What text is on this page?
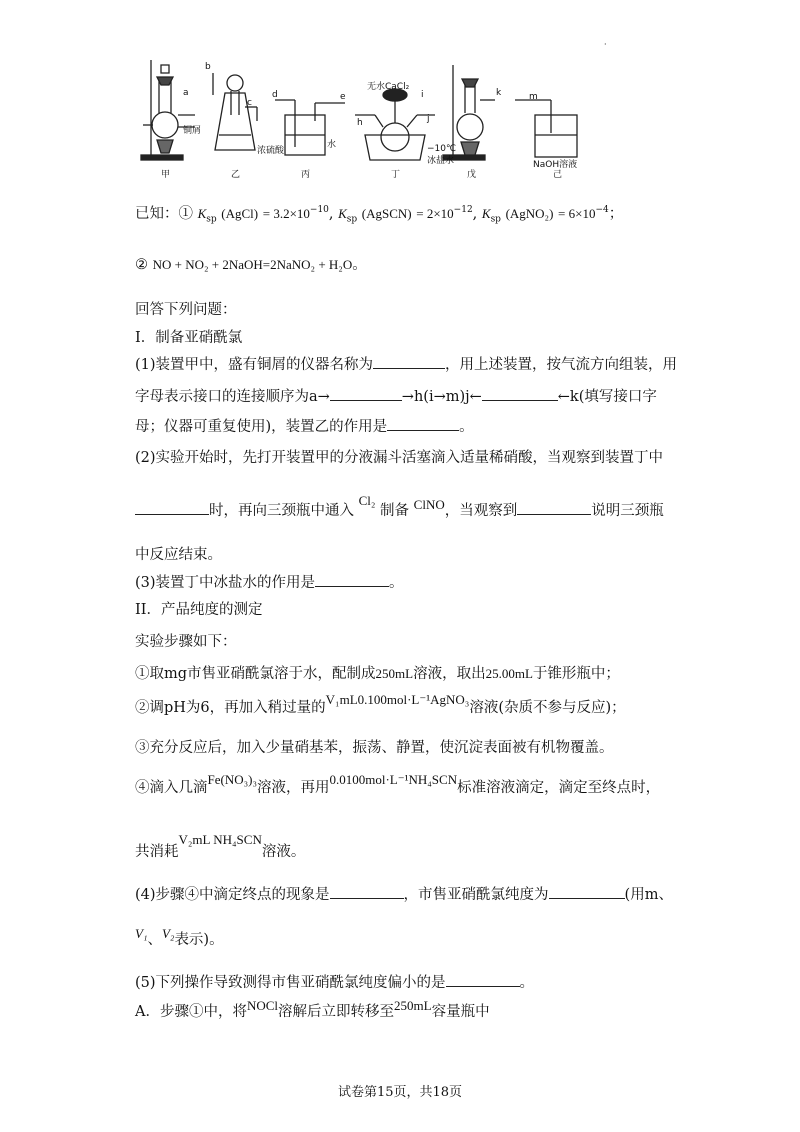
·
甲	乙	丙	丁	戊	己
a
b
c
d	e
h
i
j
k	m
铜屑
浓硫酸
水
无水CaCl₂
−10℃
冰盐水	NaOH溶液
已知：① $K_{sp}$ (AgCl) = $3.2\times 10^{-10}$, $K_{sp}$ (AgSCN) = $2\times 10^{-12}$, $K_{sp}$ (AgNO₂) = $6\times 10^{-4}$；
② NO + NO₂ + 2NaOH=2NaNO₂ + H₂O。
回答下列问题：
I．制备亚硝酰氯
(1)装置甲中，盛有铜屑的仪器名称为	，用上述装置，按气流方向组装，用
字母表示接口的连接顺序为a→	→h(i→m)j←	←k(填写接口字
母；仪器可重复使用)，装置乙的作用是	。
(2)实验开始时，先打开装置甲的分液漏斗活塞滴入适量稀硝酸，当观察到装置丁中
时，再向三颈瓶中通入 Cl₂ 制备 ClNO，当观察到	说明三颈瓶
中反应结束。
(3)装置丁中冰盐水的作用是	。
II．产品纯度的测定
实验步骤如下：
①取mg市售亚硝酰氯溶于水，配制成250mL溶液，取出25.00mL于锥形瓶中；
②调pH为6，再加入稍过量的V₁mL0.100mol·L⁻¹AgNO₃溶液(杂质不参与反应)；
③充分反应后，加入少量硝基苯，振荡、静置，使沉淀表面被有机物覆盖。
④滴入几滴Fe(NO₃)₃溶液，再用0.0100mol·L⁻¹NH₄SCN标准溶液滴定，滴定至终点时，
共消耗V₂mL NH₄SCN溶液。
(4)步骤④中滴定终点的现象是	，市售亚硝酰氯纯度为	(用m、
V₁、V₂表示)。
(5)下列操作导致测得市售亚硝酰氯纯度偏小的是	。
A．步骤①中，将NOCl溶解后立即转移至250mL容量瓶中
试卷第15页，共18页
